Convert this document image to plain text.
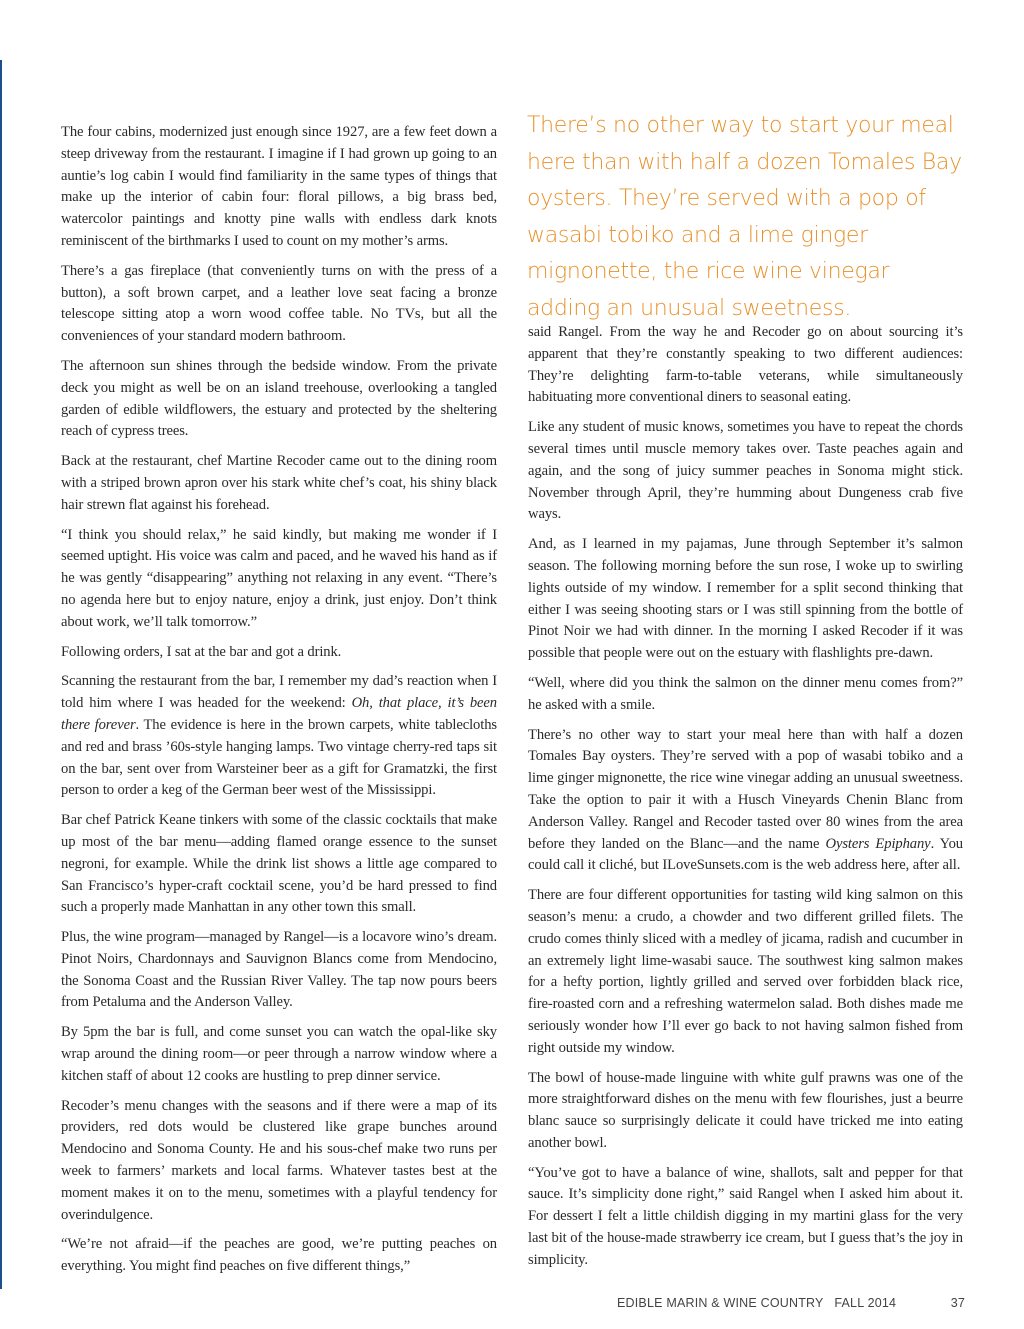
The four cabins, modernized just enough since 1927, are a few feet down a steep driveway from the restaurant. I imagine if I had grown up going to an auntie’s log cabin I would find familiarity in the same types of things that make up the interior of cabin four: floral pillows, a big brass bed, watercolor paintings and knotty pine walls with endless dark knots reminiscent of the birthmarks I used to count on my mother’s arms.

There’s a gas fireplace (that conveniently turns on with the press of a button), a soft brown carpet, and a leather love seat facing a bronze telescope sitting atop a worn wood coffee table. No TVs, but all the conveniences of your standard modern bathroom.

The afternoon sun shines through the bedside window. From the private deck you might as well be on an island treehouse, overlooking a tangled garden of edible wildflowers, the estuary and protected by the sheltering reach of cypress trees.

Back at the restaurant, chef Martine Recoder came out to the dining room with a striped brown apron over his stark white chef’s coat, his shiny black hair strewn flat against his forehead.

“I think you should relax,” he said kindly, but making me wonder if I seemed uptight. His voice was calm and paced, and he waved his hand as if he was gently “disappearing” anything not relaxing in any event. “There’s no agenda here but to enjoy nature, enjoy a drink, just enjoy. Don’t think about work, we’ll talk tomorrow.”

Following orders, I sat at the bar and got a drink.

Scanning the restaurant from the bar, I remember my dad’s reaction when I told him where I was headed for the weekend: Oh, that place, it’s been there forever. The evidence is here in the brown carpets, white tablecloths and red and brass ’60s-style hanging lamps. Two vintage cherry-red taps sit on the bar, sent over from Warsteiner beer as a gift for Gramatzki, the first person to order a keg of the German beer west of the Mississippi.

Bar chef Patrick Keane tinkers with some of the classic cocktails that make up most of the bar menu—adding flamed orange essence to the sunset negroni, for example. While the drink list shows a little age compared to San Francisco’s hyper-craft cocktail scene, you’d be hard pressed to find such a properly made Manhattan in any other town this small.

Plus, the wine program—managed by Rangel—is a locavore wino’s dream. Pinot Noirs, Chardonnays and Sauvignon Blancs come from Mendocino, the Sonoma Coast and the Russian River Valley. The tap now pours beers from Petaluma and the Anderson Valley.

By 5pm the bar is full, and come sunset you can watch the opal-like sky wrap around the dining room—or peer through a narrow window where a kitchen staff of about 12 cooks are hustling to prep dinner service.

Recoder’s menu changes with the seasons and if there were a map of its providers, red dots would be clustered like grape bunches around Mendocino and Sonoma County. He and his sous-chef make two runs per week to farmers’ markets and local farms. Whatever tastes best at the moment makes it on to the menu, sometimes with a playful tendency for overindulgence.

“We’re not afraid—if the peaches are good, we’re putting peaches on everything. You might find peaches on five different things,”

There’s no other way to start your meal here than with half a dozen Tomales Bay oysters. They’re served with a pop of wasabi tobiko and a lime ginger mignonette, the rice wine vinegar adding an unusual sweetness.

said Rangel. From the way he and Recoder go on about sourcing it’s apparent that they’re constantly speaking to two different audiences: They’re delighting farm-to-table veterans, while simultaneously habituating more conventional diners to seasonal eating.

Like any student of music knows, sometimes you have to repeat the chords several times until muscle memory takes over. Taste peaches again and again, and the song of juicy summer peaches in Sonoma might stick. November through April, they’re humming about Dungeness crab five ways.

And, as I learned in my pajamas, June through September it’s salmon season. The following morning before the sun rose, I woke up to swirling lights outside of my window. I remember for a split second thinking that either I was seeing shooting stars or I was still spinning from the bottle of Pinot Noir we had with dinner. In the morning I asked Recoder if it was possible that people were out on the estuary with flashlights pre-dawn.

“Well, where did you think the salmon on the dinner menu comes from?” he asked with a smile.

There’s no other way to start your meal here than with half a dozen Tomales Bay oysters. They’re served with a pop of wasabi tobiko and a lime ginger mignonette, the rice wine vinegar adding an unusual sweetness. Take the option to pair it with a Husch Vineyards Chenin Blanc from Anderson Valley. Rangel and Recoder tasted over 80 wines from the area before they landed on the Blanc—and the name Oysters Epiphany. You could call it cliché, but ILoveSunsets.com is the web address here, after all.

There are four different opportunities for tasting wild king salmon on this season’s menu: a crudo, a chowder and two different grilled filets. The crudo comes thinly sliced with a medley of jicama, radish and cucumber in an extremely light lime-wasabi sauce. The southwest king salmon makes for a hefty portion, lightly grilled and served over forbidden black rice, fire-roasted corn and a refreshing watermelon salad. Both dishes made me seriously wonder how I’ll ever go back to not having salmon fished from right outside my window.

The bowl of house-made linguine with white gulf prawns was one of the more straightforward dishes on the menu with few flourishes, just a beurre blanc sauce so surprisingly delicate it could have tricked me into eating another bowl.

“You’ve got to have a balance of wine, shallots, salt and pepper for that sauce. It’s simplicity done right,” said Rangel when I asked him about it. For dessert I felt a little childish digging in my martini glass for the very last bit of the house-made strawberry ice cream, but I guess that’s the joy in simplicity.

EDIBLE MARIN & WINE COUNTRY   FALL 2014	37
